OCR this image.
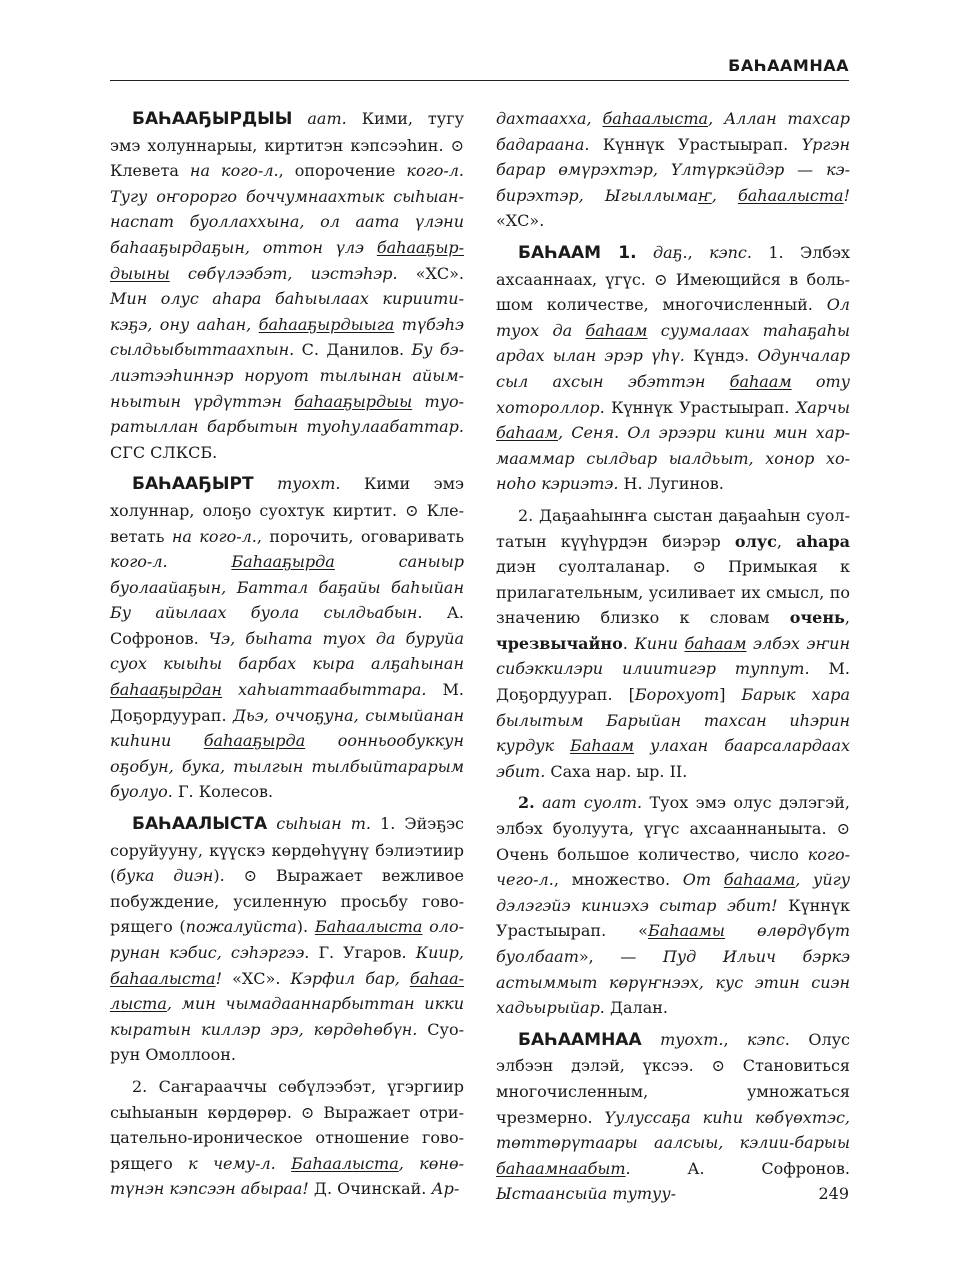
БАҺААМНАА

БАҺААҔЫРДЫЫ аат. Кими, тугу эмэ холуннарыы, киртитэн кэпсээһин. ⊙ Клевета на кого-л., опорочение кого-л. Тугу оҥорорго боччумнаахтык сыһыаннаспат буоллаххына, ол аата үлэни баһааҕырдаҕын, оттон үлэ баһааҕырдыыны сөбүлээбэт, иэстэһэр. «ХС». Мин олус аһара баһыылаах кириитикэҕэ, ону ааһан, баһааҕырдыыга түбэһэ сылдьыбыттаахпын. С. Данилов. Бу бэлиэтээһиннэр норуот тылынан айымньытын үрдүттэн баһааҕырдыы туоратыллан барбытын туоһулаабаттар. СГС СЛКСБ.

БАҺААҔЫРТ туохт. Кими эмэ холуннар, олоҕо суохтук киртит. ⊙ Клеветать на кого-л., порочить, оговаривать кого-л.	Баһааҕырда саныыр буолаайаҕын, Баттал баҕайы баһыйан Бу айылаах буола сылдьабын. А. Софронов. Чэ, быһата туох да буруйа суох кыыһы барбах кыра алҕаһынан баһааҕырдан хаһыаттаабыттара. М. Доҕордуурап. Дьэ, оччоҕуна, сымыйанан киһини баһааҕырда оонньообуккун оҕобун, бука, тылгын тылбыйтарарым буолуо. Г. Колесов.

БАҺААЛЫСТА сыһыан т. 1. Эйэҕэс соруйууну, күүскэ көрдөһүүнү бэлиэтиир (бука диэн). ⊙ Выражает вежливое побуждение, усиленную просьбу говорящего (пожалуйста). Баһаалыста олорунан кэбис, сэһэргээ. Г. Угаров. Киир, баһаалыста! «ХС». Кэрфил бар, баһаалыста, мин чымадааннарбыттан икки кыратын киллэр эрэ, көрдөһөбүн. Суорун Омоллоон.

2. Саҥарааччы сөбүлээбэт, үгэргиир сыһыанын көрдөрөр. ⊙ Выражает отрицательно-ироническое отношение говорящего к чему-л. Баһаалыста, көнөтүнэн кэпсээн абыраа! Д. Очинскай. Ар-

дахтааххa, баһаалыста, Аллан тахсар бадараана. Күннүк Урастыырап. Үргэн барар өмүрэхтэр, Үлтүркэйдэр — кэбирэхтэр, Ыгыллымаҥ, баһаалыста! «ХС».

БАҺААМ 1. даҕ., кэпс. 1. Элбэх ахсааннаах, үгүс. ⊙ Имеющийся в большом количестве, многочисленный. Ол туох да баһаам суумалаах таһаҕаһы ардах ылан эрэр үһү. Күндэ. Одунчалар сыл ахсын эбэттэн баһаам оту хотороллор. Күннүк Урастыырап. Харчы баһаам, Сеня. Ол эрээри кини мин хармааммар сылдьар ыалдьыт, хонор хоноһо кэриэтэ. Н. Лугинов.

2. Даҕааһынҥа сыстан даҕааһын суолтатын күүһүрдэн биэрэр олус, аһара диэн суолталанар. ⊙ Примыкая к прилагательным, усиливает их смысл, по значению близко к словам очень, чрезвычайно. Кини баһаам элбэх эҥин сибэккилэри илиитигэр туппут. М. Доҕордуурап. [Борохуот] Барык хара былытым Барыйан тахсан иһэрин курдук Баһаам улахан баарсалардаах эбит. Саха нар. ыр. II.

2. аат суолт. Туох эмэ олус дэлэгэй, элбэх буолуута, үгүс ахсааннаныыта. ⊙ Очень большое количество, число кого-чего-л., множество. От баһаама, уйгу дэлэгэйэ киниэхэ сытар эбит! Күннүк Урастыырап. «Баһаамы өлөрдүбүт буолбаат», — Пуд Ильич бэркэ астыммыт көрүҥнээх, кус этин сиэн хадьырыйар. Далан.

БАҺААМНАА туохт., кэпс. Олус элбээн дэлэй, үксээ. ⊙ Становиться многочисленным, умножаться чрезмерно. Үулуссаҕа киһи көбүөхтэс, төттөрүтаары аалсыы, кэлии-барыы баһаамнаабыт. А. Софронов. Ыстаансыйа тутуу-	249
